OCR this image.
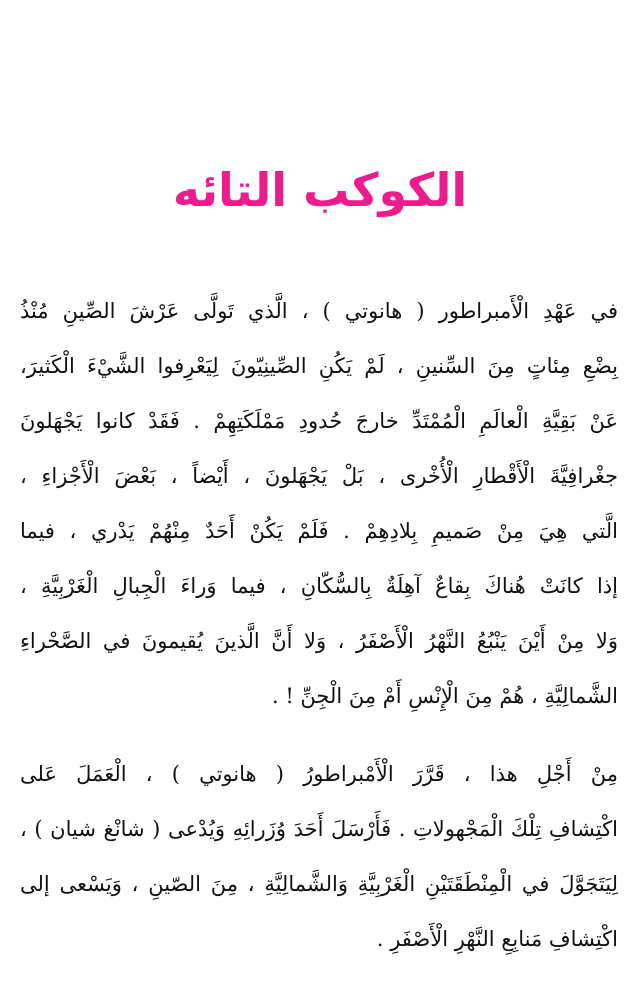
الكوكب التائه
في عَهْدِ الْأَمبراطور ( هانوتي ) ، الَّذي تَولَّى عَرْشَ الصِّينِ مُنْذُ
بِضْعِ مِئاتٍ مِنَ السِّنينِ ، لَمْ يَكُنِ الصِّينِيّونَ لِيَعْرِفوا الشَّيْءَ الْكَثيرَ،
عَنْ بَقِيَّةِ الْعالَمِ الْمُمْتَدِّ خارجَ حُدودِ مَمْلَكَتِهِمْ . فَقَدْ كانوا يَجْهَلونَ
جغْرافِيَّةَ الْأَقْطارِ الْأُخْرى ، بَلْ يَجْهَلونَ ، أَيْضاً ، بَعْضَ الْأَجْزاءِ ،
الَّتي هِيَ مِنْ صَميمِ بِلادِهِمْ . فَلَمْ يَكُنْ أَحَدٌ مِنْهُمْ يَدْري ، فيما
إذا كانَتْ هُناكَ بِقاعٌ آهِلَةٌ بِالسُّكّانِ ، فيما وَراءَ الْجِبالِ الْغَرْبِيَّةِ ،
وَلا مِنْ أَيْنَ يَنْبُعُ النَّهْرُ الْأَصْفَرُ ، وَلا أَنَّ الَّذينَ يُقيمونَ في الصَّحْراءِ
الشَّمالِيَّةِ ، هُمْ مِنَ الْإِنْسِ أَمْ مِنَ الْجِنِّ ! .
مِنْ أَجْلِ هذا ، قَرَّرَ الْأَمْبراطورُ ( هانوتي ) ، الْعَمَلَ عَلى
اكْتِشافِ تِلْكَ الْمَجْهولاتِ . فَأَرْسَلَ أَحَدَ وُزَرائِهِ وَيُدْعى ( شانْغ شيان ) ،
لِيَتَجَوَّلَ في الْمِنْطَقَتَيْنِ الْغَرْبِيَّةِ وَالشَّمالِيَّةِ ، مِنَ الصّينِ ، وَيَسْعى إلى
اكْتِشافِ مَنابِعِ النَّهْرِ الْأَصْفَرِ .
